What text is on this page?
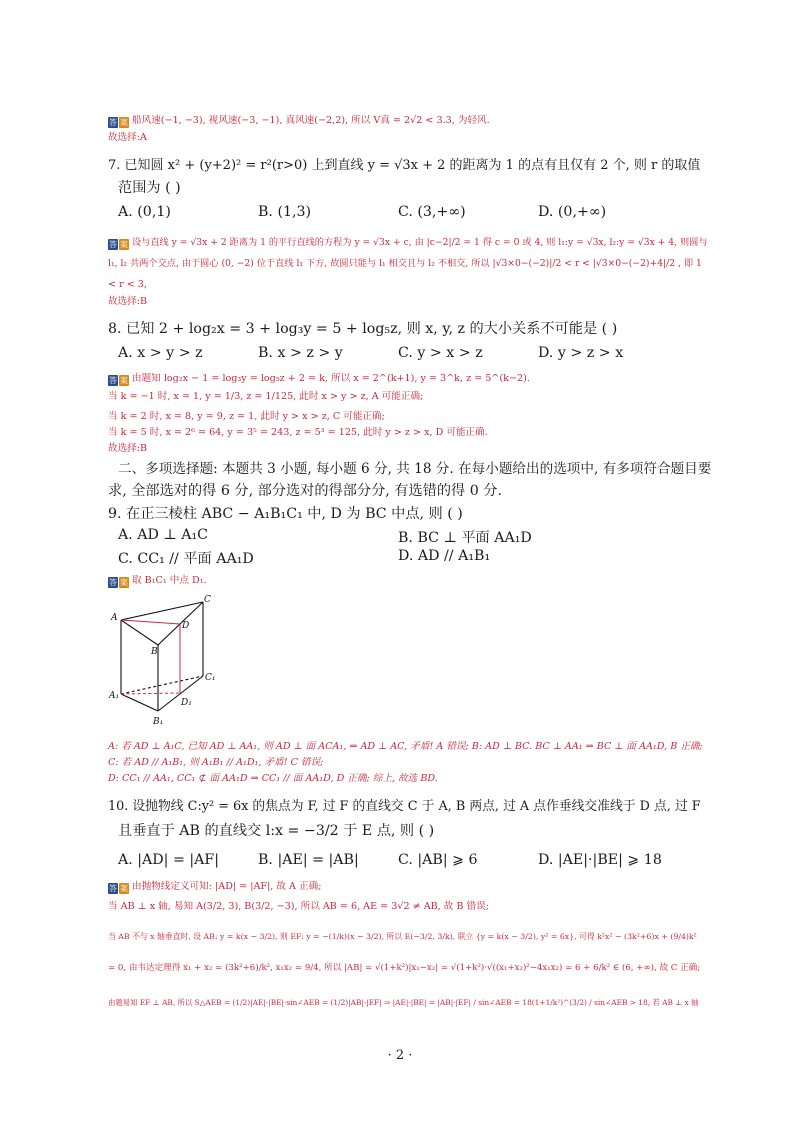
答 案 船风速(−1, −3), 视风速(−3, −1), 真风速(−2,2), 所以 V真 = 2√2 < 3.3, 为轻风.
故选择:A
7. 已知圆 x² + (y+2)² = r²(r>0) 上到直线 y = √3x + 2 的距离为 1 的点有且仅有 2 个, 则 r 的取值
范围为 ( )
A. (0,1)	B. (1,3)	C. (3,+∞)	D. (0,+∞)
答 案 设与直线 y = √3x + 2 距离为 1 的平行直线的方程为 y = √3x + c, 由 |c−2|/2 = 1 得 c = 0 或 4, 则 l₁:y = √3x, l₂:y = √3x + 4, 则圆与
l₁, l₂ 共两个交点, 由于圆心 (0, −2) 位于直线 l₁ 下方, 故圆只能与 l₁ 相交且与 l₂ 不相交, 所以 |√3×0−(−2)|/2 < r < |√3×0−(−2)+4|/2 , 即 1
< r < 3,
故选择:B
8. 已知 2 + log₂x = 3 + log₃y = 5 + log₅z, 则 x, y, z 的大小关系不可能是 ( )
A. x > y > z	B. x > z > y	C. y > x > z	D. y > z > x
答 案 由题知 log₂x − 1 = log₃y = log₅z + 2 = k, 所以 x = 2^(k+1), y = 3^k, z = 5^(k−2).
当 k = −1 时, x = 1, y = 1/3, z = 1/125, 此时 x > y > z, A 可能正确;
当 k = 2 时, x = 8, y = 9, z = 1, 此时 y > x > z, C 可能正确;
当 k = 5 时, x = 2⁶ = 64, y = 3⁵ = 243, z = 5³ = 125, 此时 y > z > x, D 可能正确.
故选择:B
二、多项选择题: 本题共 3 小题, 每小题 6 分, 共 18 分. 在每小题给出的选项中, 有多项符合题目要
求, 全部选对的得 6 分, 部分选对的得部分分, 有选错的得 0 分.
9. 在正三棱柱 ABC − A₁B₁C₁ 中, D 为 BC 中点, 则 ( )
A. AD ⊥ A₁C	B. BC ⊥ 平面 AA₁D
C. CC₁ // 平面 AA₁D	D. AD // A₁B₁
答 案 取 B₁C₁ 中点 D₁.
A
B
C
D
A₁
B₁
C₁
D₁
A: 若 AD ⊥ A₁C, 已知 AD ⊥ AA₁, 则 AD ⊥ 面 ACA₁, ⇒ AD ⊥ AC, 矛盾! A 错误; B: AD ⊥ BC. BC ⊥ AA₁ ⇒ BC ⊥ 面 AA₁D, B 正确;
C: 若 AD // A₁B₁, 则 A₁B₁ // A₁D₁, 矛盾! C 错误;
D: CC₁ // AA₁, CC₁ ⊄ 面 AA₁D ⇒ CC₁ // 面 AA₁D, D 正确; 综上, 故选 BD.
10. 设抛物线 C:y² = 6x 的焦点为 F, 过 F 的直线交 C 于 A, B 两点, 过 A 点作垂线交准线于 D 点, 过 F
且垂直于 AB 的直线交 l:x = −3/2 于 E 点, 则 ( )
A. |AD| = |AF|	B. |AE| = |AB|	C. |AB| ⩾ 6	D. |AE|·|BE| ⩾ 18
答 案 由抛物线定义可知: |AD| = |AF|, 故 A 正确;
当 AB ⊥ x 轴, 易知 A(3/2, 3), B(3/2, −3), 所以 AB = 6, AE = 3√2 ≠ AB, 故 B 错误;
当 AB 不与 x 轴垂直时, 设 AB: y = k(x − 3/2), 则 EF: y = −(1/k)(x − 3/2), 所以 E(−3/2, 3/k), 联立 {y = k(x − 3/2), y² = 6x}, 可得 k²x² − (3k²+6)x + (9/4)k²
= 0, 由韦达定理得 x₁ + x₂ = (3k²+6)/k², x₁x₂ = 9/4, 所以 |AB| = √(1+k²)|x₁−x₂| = √(1+k²)·√((x₁+x₂)²−4x₁x₂) = 6 + 6/k² ∈ (6, +∞), 故 C 正确;
由题易知 EF ⊥ AB, 所以 S△AEB = (1/2)|AE|·|BE|·sin∠AEB = (1/2)|AB|·|EF| ⇒ |AE|·|BE| = |AB|·|EF| / sin∠AEB = 18(1+1/k²)^(3/2) / sin∠AEB > 18, 若 AB ⊥ x 轴
· 2 ·
